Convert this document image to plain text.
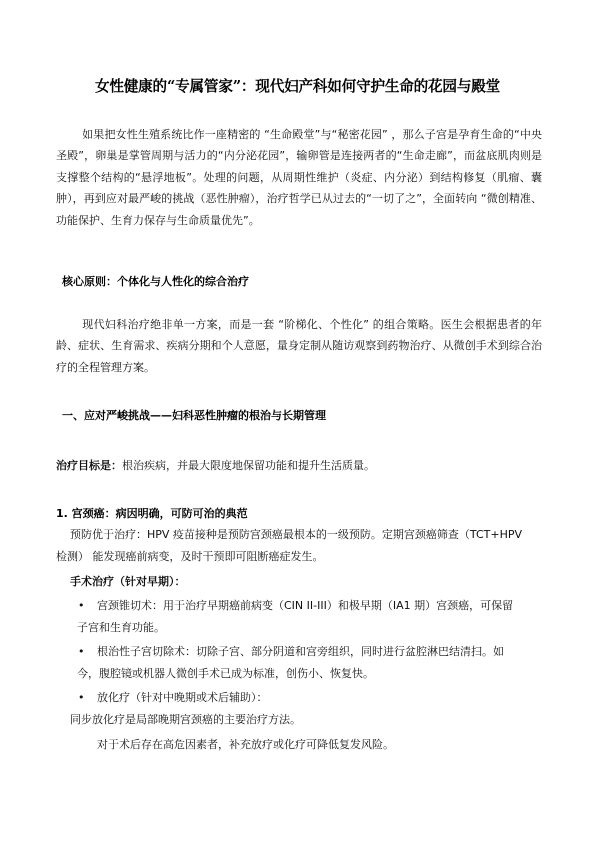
女性健康的“专属管家”：现代妇产科如何守护生命的花园与殿堂

如果把女性生殖系统比作一座精密的 “生命殿堂”与“秘密花园” ，那么子宫是孕育生命的“中央圣殿”，卵巢是掌管周期与活力的“内分泌花园”，输卵管是连接两者的“生命走廊”，而盆底肌肉则是支撑整个结构的“悬浮地板”。处理的问题，从周期性维护（炎症、内分泌）到结构修复（肌瘤、囊肿），再到应对最严峻的挑战（恶性肿瘤），治疗哲学已从过去的“一切了之”，全面转向 “微创精准、功能保护、生育力保存与生命质量优先”。

核心原则：个体化与人性化的综合治疗

现代妇科治疗绝非单一方案，而是一套 “阶梯化、个性化” 的组合策略。医生会根据患者的年龄、症状、生育需求、疾病分期和个人意愿，量身定制从随访观察到药物治疗、从微创手术到综合治疗的全程管理方案。

一、应对严峻挑战——妇科恶性肿瘤的根治与长期管理
治疗目标是：根治疾病，并最大限度地保留功能和提升生活质量。
1. 宫颈癌：病因明确，可防可治的典范
预防优于治疗：HPV 疫苗接种是预防宫颈癌最根本的一级预防。定期宫颈癌筛查（TCT+HPV
检测） 能发现癌前病变，及时干预即可阻断癌症发生。
手术治疗（针对早期）：
• 宫颈锥切术：用于治疗早期癌前病变（CIN II-III）和极早期（IA1 期）宫颈癌，可保留
子宫和生育功能。
• 根治性子宫切除术：切除子宫、部分阴道和宫旁组织，同时进行盆腔淋巴结清扫。如
今，腹腔镜或机器人微创手术已成为标准，创伤小、恢复快。
• 放化疗（针对中晚期或术后辅助）：
同步放化疗是局部晚期宫颈癌的主要治疗方法。
对于术后存在高危因素者，补充放疗或化疗可降低复发风险。
